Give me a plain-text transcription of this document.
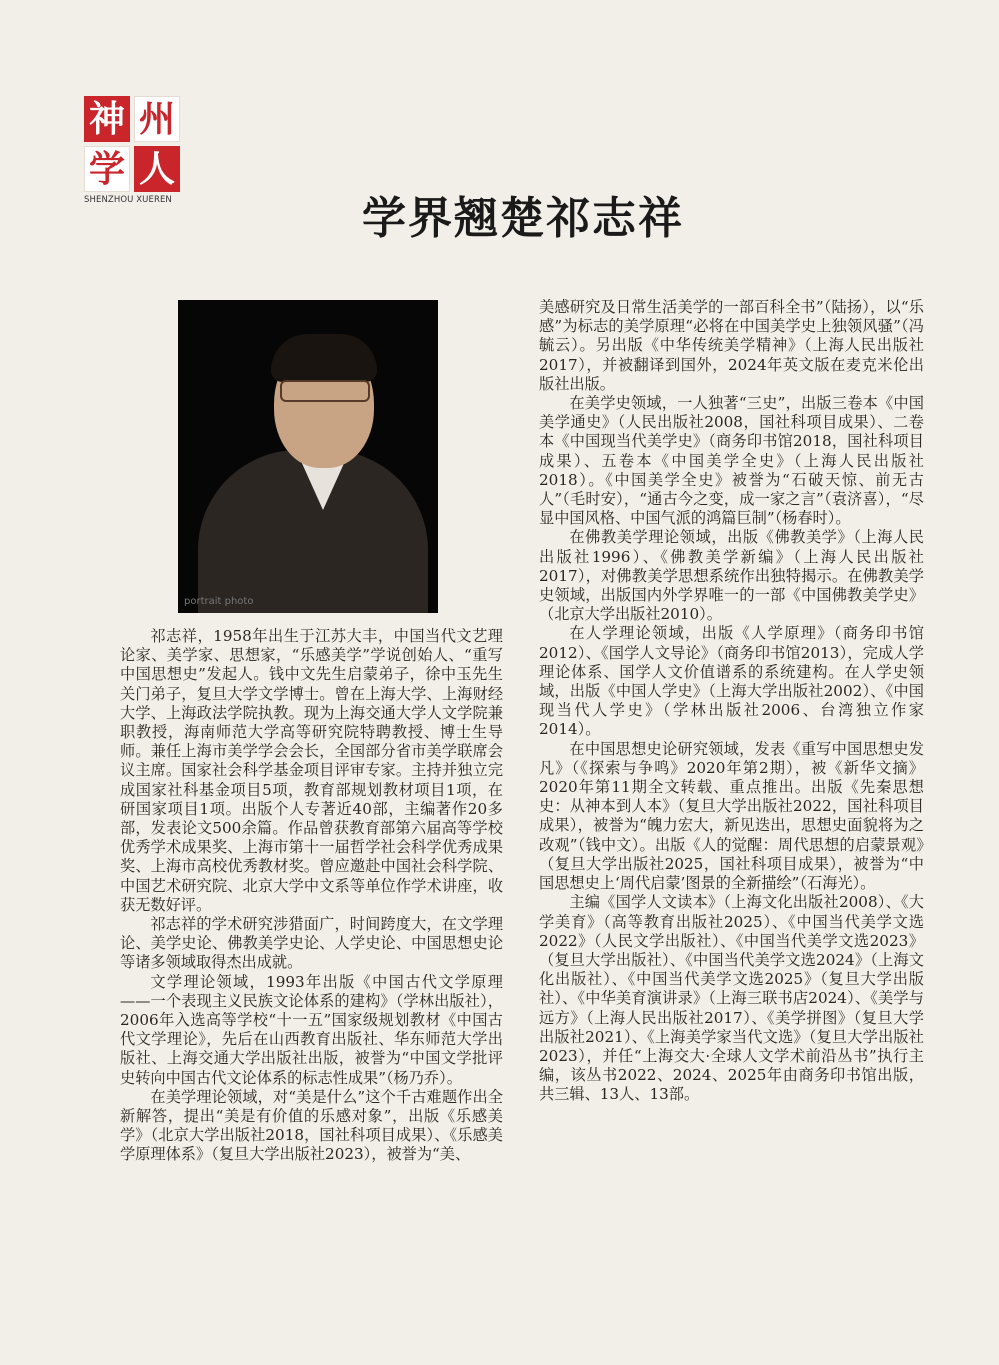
神 州
学 人
SHENZHOU XUEREN	学界翘楚祁志祥
portrait photo

祁志祥，1958年出生于江苏大丰，中国当代文艺理论家、美学家、思想家，“乐感美学”学说创始人、“重写中国思想史”发起人。钱中文先生启蒙弟子，徐中玉先生关门弟子，复旦大学文学博士。曾在上海大学、上海财经大学、上海政法学院执教。现为上海交通大学人文学院兼职教授，海南师范大学高等研究院特聘教授、博士生导师。兼任上海市美学学会会长，全国部分省市美学联席会议主席。国家社会科学基金项目评审专家。主持并独立完成国家社科基金项目5项，教育部规划教材项目1项，在研国家项目1项。出版个人专著近40部，主编著作20多部，发表论文500余篇。作品曾获教育部第六届高等学校优秀学术成果奖、上海市第十一届哲学社会科学优秀成果奖、上海市高校优秀教材奖。曾应邀赴中国社会科学院、中国艺术研究院、北京大学中文系等单位作学术讲座，收获无数好评。

祁志祥的学术研究涉猎面广，时间跨度大，在文学理论、美学史论、佛教美学史论、人学史论、中国思想史论等诸多领域取得杰出成就。

文学理论领域，1993年出版《中国古代文学原理——一个表现主义民族文论体系的建构》（学林出版社），2006年入选高等学校“十一五”国家级规划教材《中国古代文学理论》，先后在山西教育出版社、华东师范大学出版社、上海交通大学出版社出版，被誉为“中国文学批评史转向中国古代文论体系的标志性成果”（杨乃乔）。

在美学理论领域，对“美是什么”这个千古难题作出全新解答，提出“美是有价值的乐感对象”，出版《乐感美学》（北京大学出版社2018，国社科项目成果）、《乐感美学原理体系》（复旦大学出版社2023），被誉为“美、

美感研究及日常生活美学的一部百科全书”（陆扬），以“乐感”为标志的美学原理“必将在中国美学史上独领风骚”（冯毓云）。另出版《中华传统美学精神》（上海人民出版社2017），并被翻译到国外，2024年英文版在麦克米伦出版社出版。

在美学史领域，一人独著“三史”，出版三卷本《中国美学通史》（人民出版社2008，国社科项目成果）、二卷本《中国现当代美学史》（商务印书馆2018，国社科项目成果）、五卷本《中国美学全史》（上海人民出版社2018）。《中国美学全史》被誉为“石破天惊、前无古人”（毛时安），“通古今之变，成一家之言”（袁济喜），“尽显中国风格、中国气派的鸿篇巨制”（杨春时）。

在佛教美学理论领域，出版《佛教美学》（上海人民出版社1996）、《佛教美学新编》（上海人民出版社2017），对佛教美学思想系统作出独特揭示。在佛教美学史领域，出版国内外学界唯一的一部《中国佛教美学史》（北京大学出版社2010）。

在人学理论领域，出版《人学原理》（商务印书馆2012）、《国学人文导论》（商务印书馆2013），完成人学理论体系、国学人文价值谱系的系统建构。在人学史领域，出版《中国人学史》（上海大学出版社2002）、《中国现当代人学史》（学林出版社2006、台湾独立作家2014）。

在中国思想史论研究领域，发表《重写中国思想史发凡》（《探索与争鸣》2020年第2期），被《新华文摘》2020年第11期全文转载、重点推出。出版《先秦思想史：从神本到人本》（复旦大学出版社2022，国社科项目成果），被誉为“魄力宏大，新见迭出，思想史面貌将为之改观”（钱中文）。出版《人的觉醒：周代思想的启蒙景观》（复旦大学出版社2025，国社科项目成果），被誉为“中国思想史上‘周代启蒙’图景的全新描绘”（石海光）。

主编《国学人文读本》（上海文化出版社2008）、《大学美育》（高等教育出版社2025）、《中国当代美学文选2022》（人民文学出版社）、《中国当代美学文选2023》（复旦大学出版社）、《中国当代美学文选2024》（上海文化出版社）、《中国当代美学文选2025》（复旦大学出版社）、《中华美育演讲录》（上海三联书店2024）、《美学与远方》（上海人民出版社2017）、《美学拼图》（复旦大学出版社2021）、《上海美学家当代文选》（复旦大学出版社2023），并任“上海交大·全球人文学术前沿丛书”执行主编，该丛书2022、2024、2025年由商务印书馆出版，共三辑、13人、13部。
